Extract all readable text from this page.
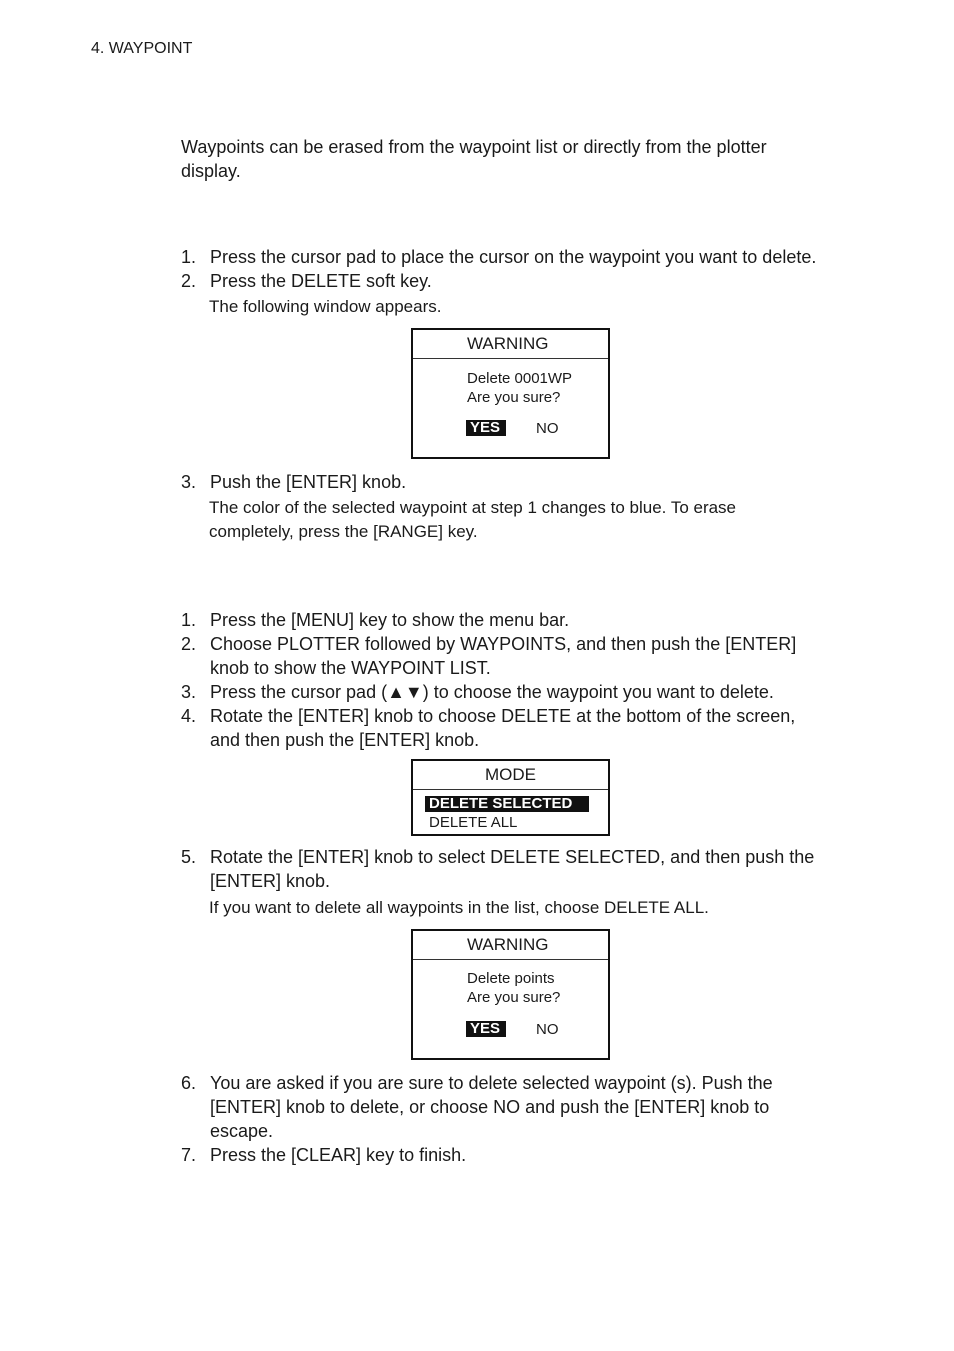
4. WAYPOINT
Waypoints can be erased from the waypoint list or directly from the plotter display.
1. Press the cursor pad to place the cursor on the waypoint you want to delete.
2. Press the DELETE soft key.
The following window appears.
WARNING
Delete 0001WP
Are you sure?
YES	NO
3. Push the [ENTER] knob.
The color of the selected waypoint at step 1 changes to blue. To erase completely, press the [RANGE] key.
1. Press the [MENU] key to show the menu bar.
2. Choose PLOTTER followed by WAYPOINTS, and then push the [ENTER] knob to show the WAYPOINT LIST.
3. Press the cursor pad (▲▼) to choose the waypoint you want to delete.
4. Rotate the [ENTER] knob to choose DELETE at the bottom of the screen, and then push the [ENTER] knob.
MODE
DELETE SELECTED
DELETE ALL
5. Rotate the [ENTER] knob to select DELETE SELECTED, and then push the [ENTER] knob.
If you want to delete all waypoints in the list, choose DELETE ALL.
WARNING
Delete points
Are you sure?
YES	NO
6. You are asked if you are sure to delete selected waypoint (s). Push the [ENTER] knob to delete, or choose NO and push the [ENTER] knob to escape.
7. Press the [CLEAR] key to finish.
